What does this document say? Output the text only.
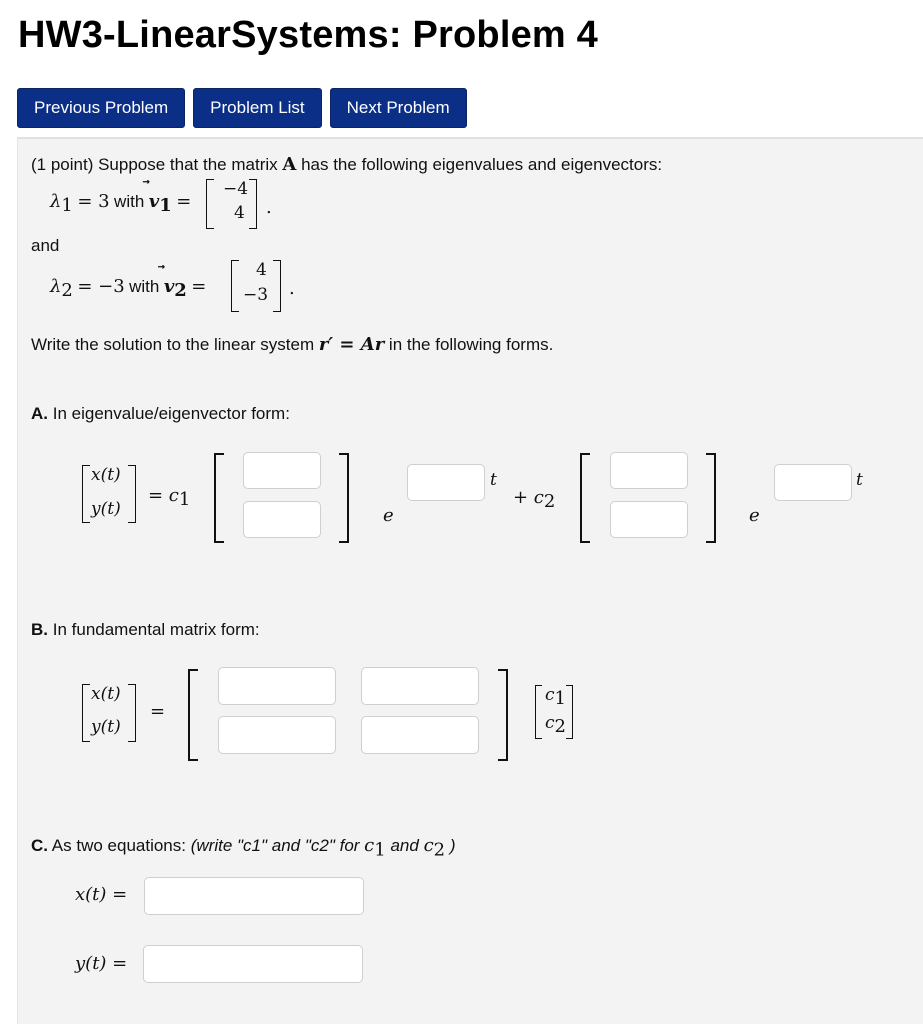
HW3-LinearSystems: Problem 4
Previous Problem	Problem List	Next Problem
(1 point) Suppose that the matrix A has the following eigenvalues and eigenvectors:
$\lambda_1 = 3$ with $v_1$ =
−4
4 .
and
$\lambda_2 = -3$ with $v_2$ =
4
−3 .
Write the solution to the linear system r′ = Ar in the following forms.
A. In eigenvalue/eigenvector form:
x(t)
y(t)
= $c_1$
e
t
+ $c_2$
e
t
B. In fundamental matrix form:
x(t)
y(t)
=
$c_1$
$c_2$
C. As two equations: (write "c1" and "c2" for $c_1$ and $c_2$ )
x(t) =
y(t) =
